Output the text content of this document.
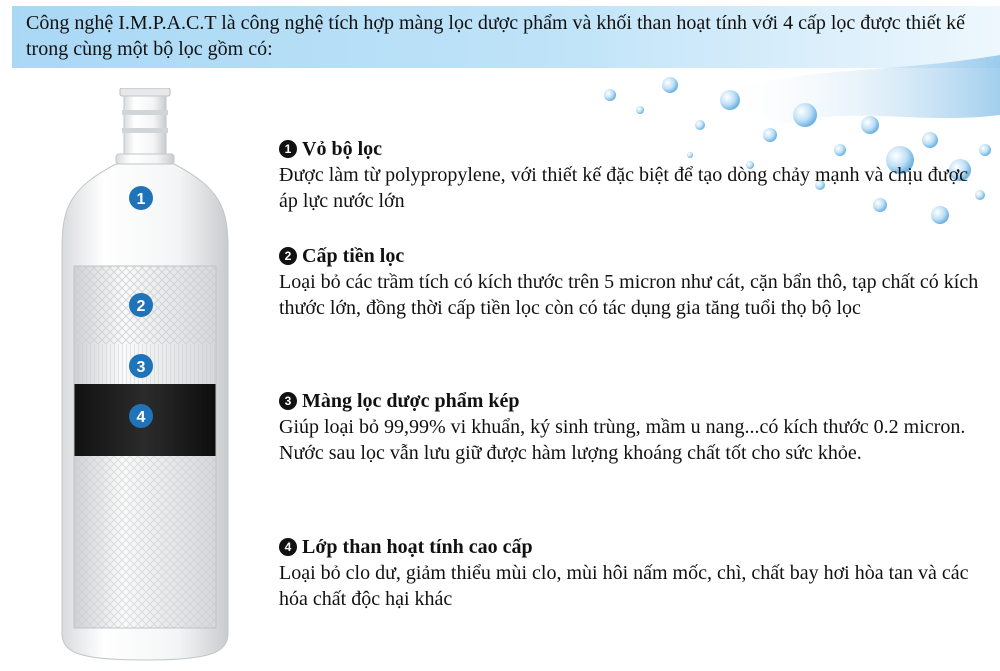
Công nghệ I.M.P.A.C.T là công nghệ tích hợp màng lọc dược phẩm và khối than hoạt tính với 4 cấp lọc được thiết kế trong cùng một bộ lọc gồm có:
1
2
3
4
1 Vỏ bộ lọc
Được làm từ polypropylene, với thiết kế đặc biệt để tạo dòng chảy mạnh và chịu được áp lực nước lớn
2 Cấp tiền lọc
Loại bỏ các trầm tích có kích thước trên 5 micron như cát, cặn bẩn thô, tạp chất có kích thước lớn, đồng thời cấp tiền lọc còn có tác dụng gia tăng tuổi thọ bộ lọc
3 Màng lọc dược phẩm kép
Giúp loại bỏ 99,99% vi khuẩn, ký sinh trùng, mầm u nang...có kích thước 0.2 micron. Nước sau lọc vẫn lưu giữ được hàm lượng khoáng chất tốt cho sức khỏe.
4 Lớp than hoạt tính cao cấp
Loại bỏ clo dư, giảm thiểu mùi clo, mùi hôi nấm mốc, chì, chất bay hơi hòa tan và các hóa chất độc hại khác
